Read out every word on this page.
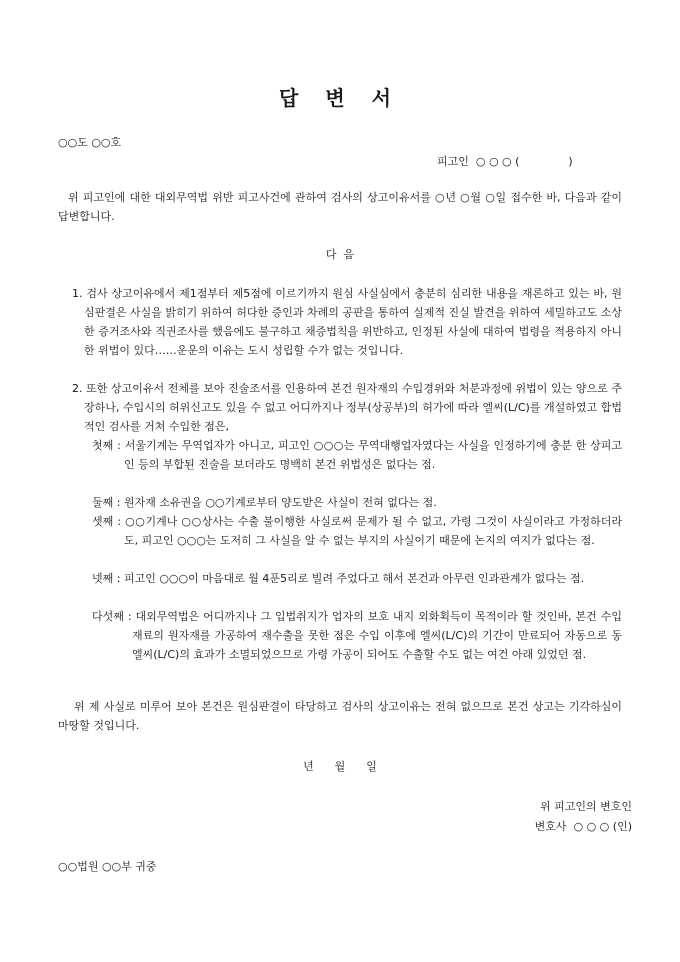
답 변 서
○○도 ○○호
피고인  ○ ○ ○ (              )
위 피고인에 대한 대외무역법 위반 피고사건에 관하여 검사의 상고이유서를 ○년 ○월 ○일 접수한 바, 다음과 같이 답변합니다.
다  음
1. 검사 상고이유에서 제1점부터 제5점에 이르기까지 원심 사실심에서 충분히 심리한 내용을 재론하고 있는 바, 원심판결은 사실을 밝히기 위하여 허다한 증인과 차례의 공판을 통하여 실제적 진실 발견을 위하여 세밀하고도 소상한 증거조사와 직권조사를 했음에도 불구하고 채증법칙을 위반하고, 인정된 사실에 대하여 법령을 적용하지 아니한 위법이 있다……운운의 이유는 도시 성립할 수가 없는 것입니다.
2. 또한 상고이유서 전체를 보아 진술조서를 인용하여 본건 원자재의 수입경위와 처분과정에 위법이 있는 양으로 주장하나, 수입시의 허위신고도 있을 수 없고 어디까지나 정부(상공부)의 허가에 따라 엘씨(L/C)를 개설하였고 합법적인 검사를 거쳐 수입한 점은,
첫째 : 서울기계는 무역업자가 아니고, 피고인 ○○○는 무역대행업자였다는 사실을 인정하기에 충분 한 상피고인 등의 부합된 진술을 보더라도 명백히 본건 위법성은 없다는 점.
둘째 : 원자재 소유권을 ○○기계로부터 양도받은 사실이 전혀 없다는 점.
셋째 : ○○기계나 ○○상사는 수출 불이행한 사실로써 문제가 될 수 없고, 가령 그것이 사실이라고 가정하더라도, 피고인 ○○○는 도저히 그 사실을 알 수 없는 부지의 사실이기 때문에 논지의 여지가 없다는 점.
넷째 : 피고인 ○○○이 마음대로 월 4푼5리로 빌려 주었다고 해서 본건과 아무런 인과관계가 없다는 점.
다섯째 : 대외무역법은 어디까지나 그 입법취지가 업자의 보호 내지 외화획득이 목적이라 할 것인바, 본건 수입재료의 원자재를 가공하여 재수출을 못한 점은 수입 이후에 엘씨(L/C)의 기간이 만료되어 자동으로 동 엘씨(L/C)의 효과가 소멸되었으므로 가령 가공이 되어도 수출할 수도 없는 여건 아래 있었던 점.
위 제 사실로 미루어 보아 본건은 원심판결이 타당하고 검사의 상고이유는 전혀 없으므로 본건 상고는 기각하심이 마땅할 것입니다.
년      월      일
위 피고인의 변호인
변호사  ○ ○ ○ (인)
○○법원 ○○부 귀중
